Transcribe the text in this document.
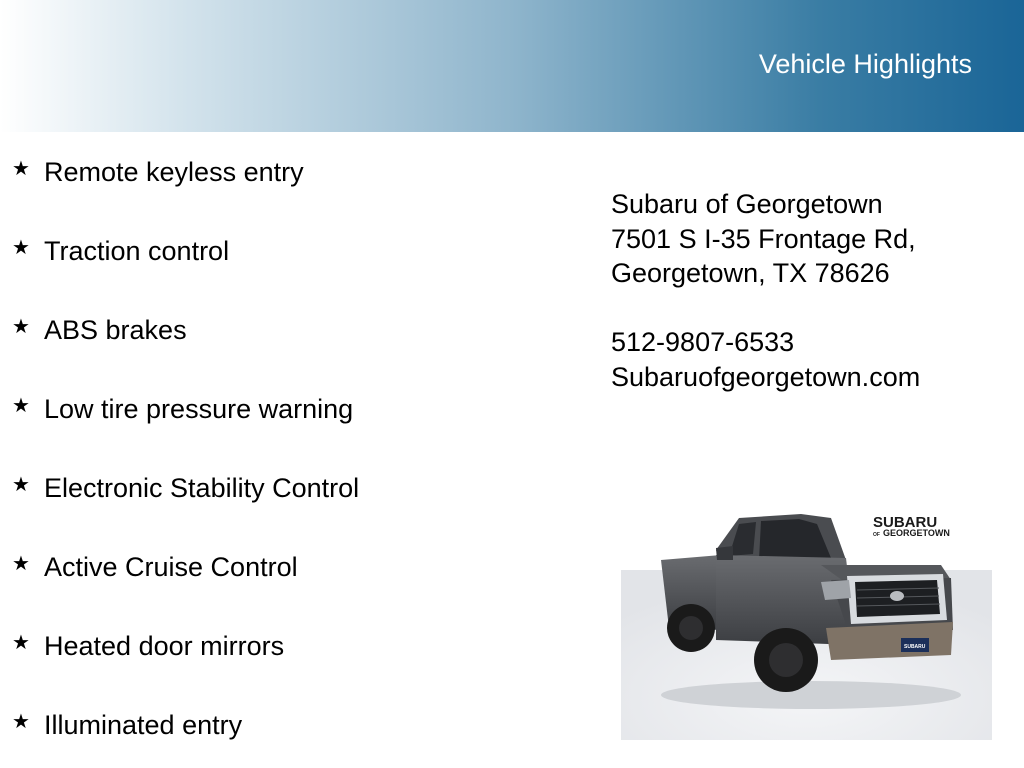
Vehicle Highlights
★ Remote keyless entry
★ Traction control
★ ABS brakes
★ Low tire pressure warning
★ Electronic Stability Control
★ Active Cruise Control
★ Heated door mirrors
★ Illuminated entry
Subaru of Georgetown
7501 S I-35 Frontage Rd,
Georgetown, TX 78626
512-9807-6533
Subaruofgeorgetown.com
SUBARU
OF GEORGETOWN
SUBARU
